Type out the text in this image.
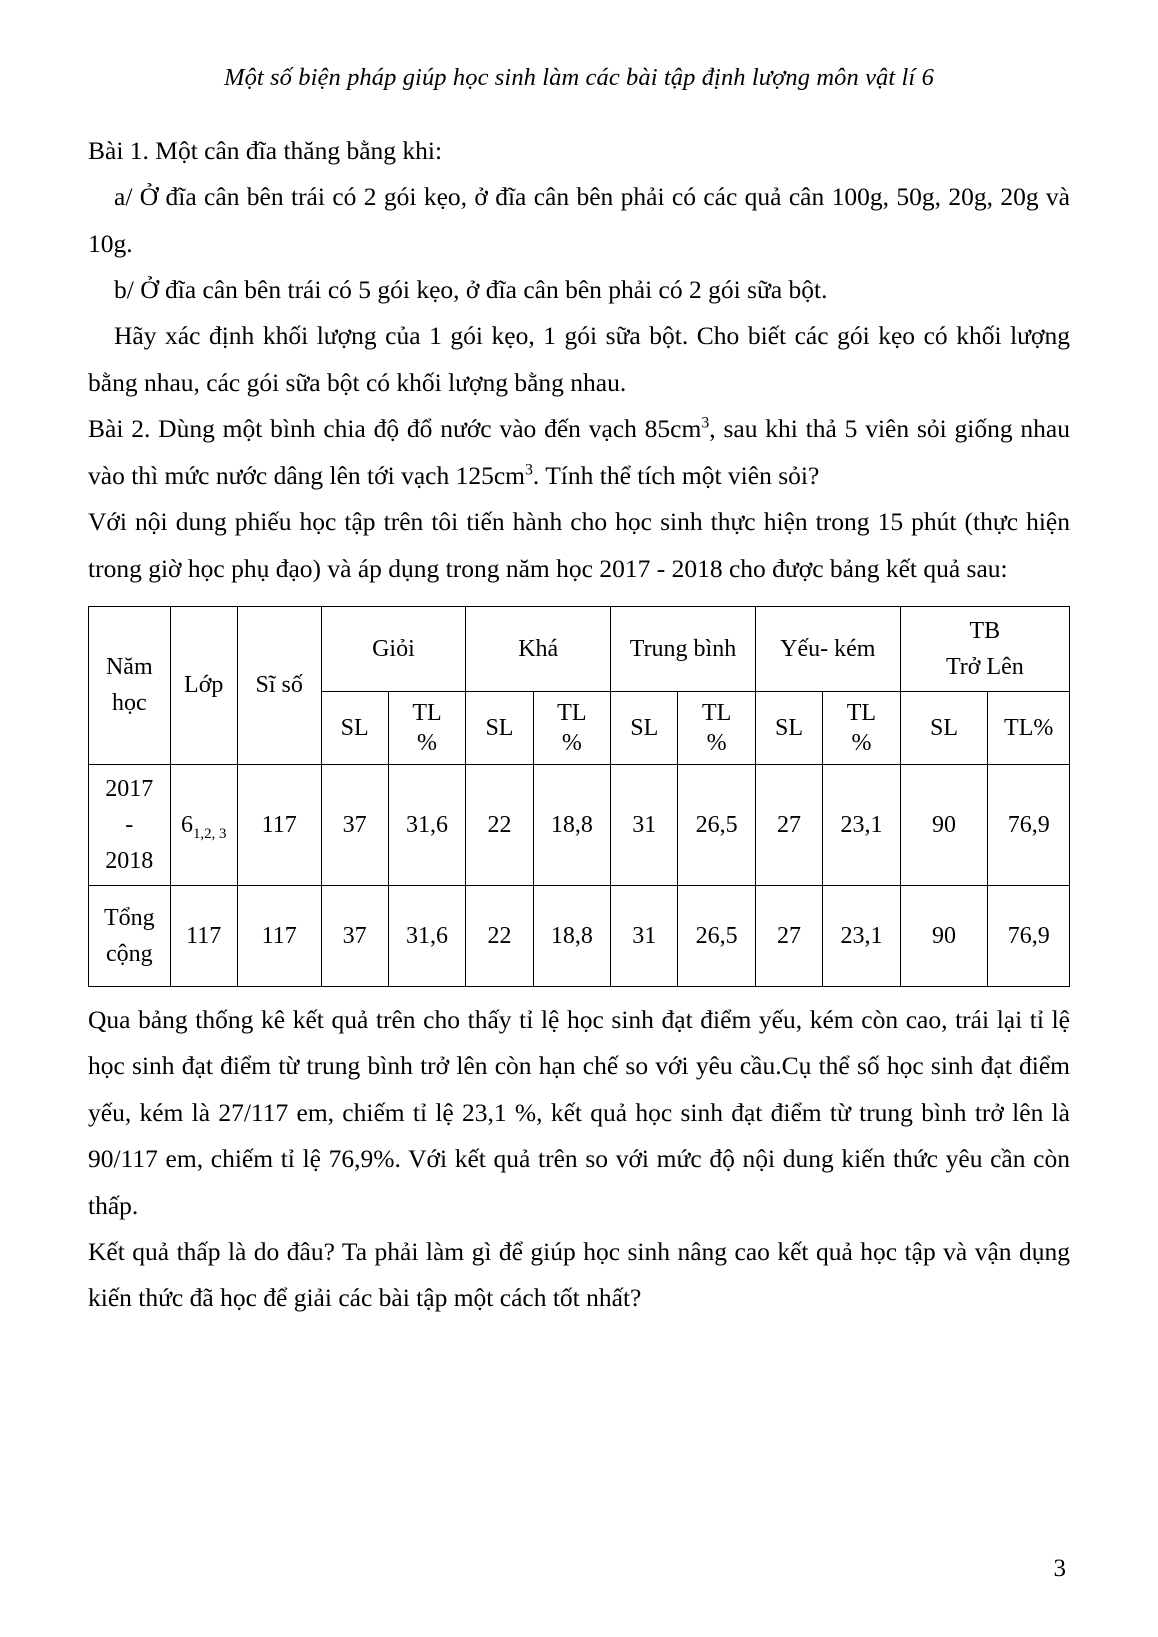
Một số biện pháp giúp học sinh làm các bài tập định lượng môn vật lí 6

Bài 1. Một cân đĩa thăng bằng khi:

a/ Ở đĩa cân bên trái có 2 gói kẹo, ở đĩa cân bên phải có các quả cân 100g, 50g, 20g, 20g và 10g.

b/ Ở đĩa cân bên trái có 5 gói kẹo, ở đĩa cân bên phải có 2 gói sữa bột.

Hãy xác định khối lượng của 1 gói kẹo, 1 gói sữa bột. Cho biết các gói kẹo có khối lượng bằng nhau, các gói sữa bột có khối lượng bằng nhau.

Bài 2. Dùng một bình chia độ đổ nước vào đến vạch $85cm^3$, sau khi thả 5 viên sỏi giống nhau vào thì mức nước dâng lên tới vạch $125cm^3$. Tính thể tích một viên sỏi?

Với nội dung phiếu học tập trên tôi tiến hành cho học sinh thực hiện trong 15 phút (thực hiện trong giờ học phụ đạo) và áp dụng trong năm học 2017 - 2018 cho được bảng kết quả sau:

Năm
học	Lớp	Sĩ số	Giỏi		Khá		Trung bình		Yếu- kém		TB
Trở Lên	

			SL	TL
%	SL	TL
%	SL	TL
%	SL	TL
%	SL	TL%

2017
-
2018	$6_{1,2, 3}$	117	37	31,6	22	18,8	31	26,5	27	23,1	90	76,9

Tổng
cộng	117	117	37	31,6	22	18,8	31	26,5	27	23,1	90	76,9

Qua bảng thống kê kết quả trên cho thấy tỉ lệ học sinh đạt điểm yếu, kém còn cao, trái lại tỉ lệ học sinh đạt điểm từ trung bình trở lên còn hạn chế so với yêu cầu.Cụ thể số học sinh đạt điểm yếu, kém là 27/117 em, chiếm tỉ lệ 23,1 %, kết quả học sinh đạt điểm từ trung bình trở lên là 90/117 em, chiếm tỉ lệ 76,9%. Với kết quả trên so với mức độ nội dung kiến thức yêu cần còn thấp.

Kết quả thấp là do đâu? Ta phải làm gì để giúp học sinh nâng cao kết quả học tập và vận dụng kiến thức đã học để giải các bài tập một cách tốt nhất?

3
